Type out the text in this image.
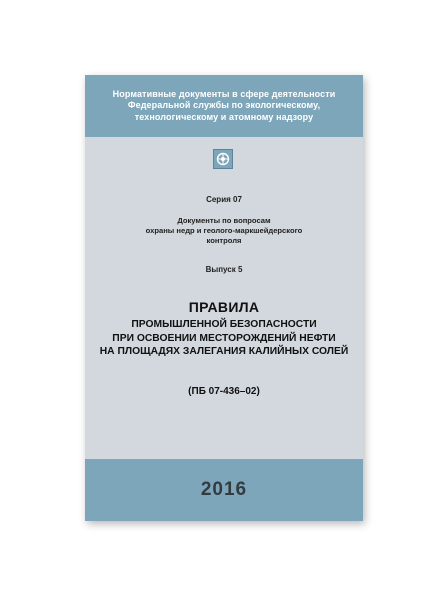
Нормативные документы в сфере деятельности
Федеральной службы по экологическому,
технологическому и атомному надзору
Серия 07
Документы по вопросам
охраны недр и геолого-маркшейдерского
контроля
Выпуск 5
ПРАВИЛА
ПРОМЫШЛЕННОЙ БЕЗОПАСНОСТИ
ПРИ ОСВОЕНИИ МЕСТОРОЖДЕНИЙ НЕФТИ
НА ПЛОЩАДЯХ ЗАЛЕГАНИЯ КАЛИЙНЫХ СОЛЕЙ
(ПБ 07-436–02)
2016
